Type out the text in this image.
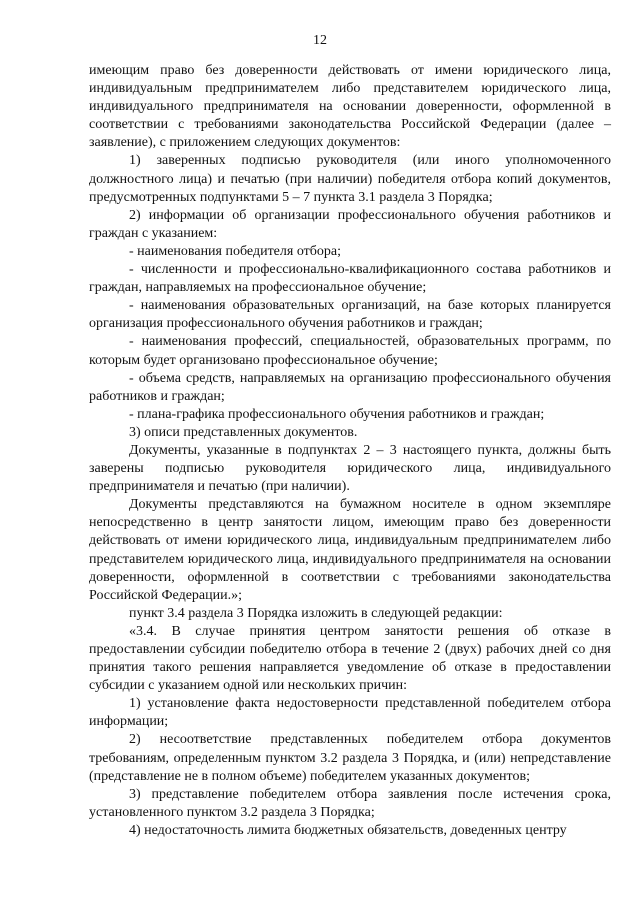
12

имеющим право без доверенности действовать от имени юридического лица, индивидуальным предпринимателем либо представителем юридического лица, индивидуального предпринимателя на основании доверенности, оформленной в соответствии с требованиями законодательства Российской Федерации (далее – заявление), с приложением следующих документов:

1) заверенных подписью руководителя (или иного уполномоченного должностного лица) и печатью (при наличии) победителя отбора копий документов, предусмотренных подпунктами 5 – 7 пункта 3.1 раздела 3 Порядка;

2) информации об организации профессионального обучения работников и граждан с указанием:

- наименования победителя отбора;

- численности и профессионально-квалификационного состава работников и граждан, направляемых на профессиональное обучение;

- наименования образовательных организаций, на базе которых планируется организация профессионального обучения работников и граждан;

- наименования профессий, специальностей, образовательных программ, по которым будет организовано профессиональное обучение;

- объема средств, направляемых на организацию профессионального обучения работников и граждан;

- плана-графика профессионального обучения работников и граждан;

3) описи представленных документов.

Документы, указанные в подпунктах 2 – 3 настоящего пункта, должны быть заверены подписью руководителя юридического лица, индивидуального предпринимателя и печатью (при наличии).

Документы представляются на бумажном носителе в одном экземпляре непосредственно в центр занятости лицом, имеющим право без доверенности действовать от имени юридического лица, индивидуальным предпринимателем либо представителем юридического лица, индивидуального предпринимателя на основании доверенности, оформленной в соответствии с требованиями законодательства Российской Федерации.»;

пункт 3.4 раздела 3 Порядка изложить в следующей редакции:

«3.4. В случае принятия центром занятости решения об отказе в предоставлении субсидии победителю отбора в течение 2 (двух) рабочих дней со дня принятия такого решения направляется уведомление об отказе в предоставлении субсидии с указанием одной или нескольких причин:

1) установление факта недостоверности представленной победителем отбора информации;

2) несоответствие представленных победителем отбора документов требованиям, определенным пунктом 3.2 раздела 3 Порядка, и (или) непредставление (представление не в полном объеме) победителем указанных документов;

3) представление победителем отбора заявления после истечения срока, установленного пунктом 3.2 раздела 3 Порядка;

4) недостаточность лимита бюджетных обязательств, доведенных центру
